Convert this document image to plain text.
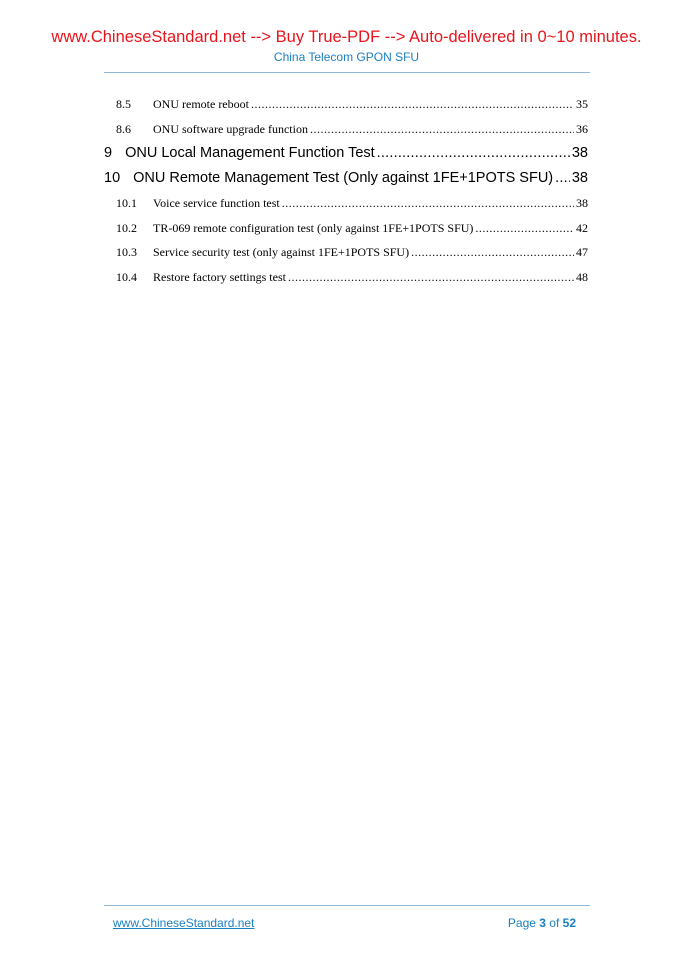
www.ChineseStandard.net --> Buy True-PDF --> Auto-delivered in 0~10 minutes.
China Telecom GPON SFU
8.5	ONU remote reboot .....	35
8.6	ONU software upgrade function .....	36
9 ONU Local Management Function Test .....	38
10 ONU Remote Management Test (Only against 1FE+1POTS SFU) ..... 38
10.1	Voice service function test .....	38
10.2	TR-069 remote configuration test (only against 1FE+1POTS SFU) .....	42
10.3	Service security test (only against 1FE+1POTS SFU) .....	47
10.4	Restore factory settings test .....	48
www.ChineseStandard.net	Page 3 of 52
